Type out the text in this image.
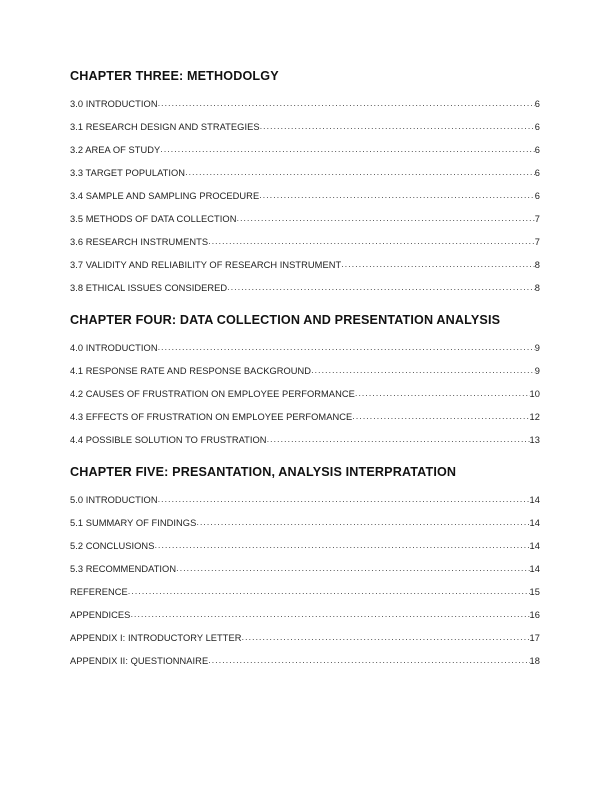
CHAPTER THREE: METHODOLGY
3.0 INTRODUCTION .....	6
3.1 RESEARCH DESIGN AND STRATEGIES .....	6
3.2 AREA OF STUDY .....	6
3.3 TARGET POPULATION .....	6
3.4 SAMPLE AND SAMPLING PROCEDURE .....	6
3.5 METHODS OF DATA COLLECTION .....	7
3.6 RESEARCH INSTRUMENTS .....	7
3.7 VALIDITY AND RELIABILITY OF RESEARCH INSTRUMENT .....	8
3.8 ETHICAL ISSUES CONSIDERED .....	8
CHAPTER FOUR: DATA COLLECTION AND PRESENTATION ANALYSIS
4.0 INTRODUCTION .....	9
4.1 RESPONSE RATE AND RESPONSE BACKGROUND .....	9
4.2 CAUSES OF FRUSTRATION ON EMPLOYEE PERFORMANCE .....	10
4.3 EFFECTS OF FRUSTRATION ON EMPLOYEE PERFOMANCE .....	12
4.4 POSSIBLE SOLUTION TO FRUSTRATION .....	13
CHAPTER FIVE: PRESANTATION, ANALYSIS INTERPRATATION
5.0 INTRODUCTION .....	14
5.1 SUMMARY OF FINDINGS .....	14
5.2 CONCLUSIONS .....	14
5.3 RECOMMENDATION .....	14
REFERENCE .....	15
APPENDICES .....	16
APPENDIX I: INTRODUCTORY LETTER .....	17
APPENDIX II: QUESTIONNAIRE .....	18
